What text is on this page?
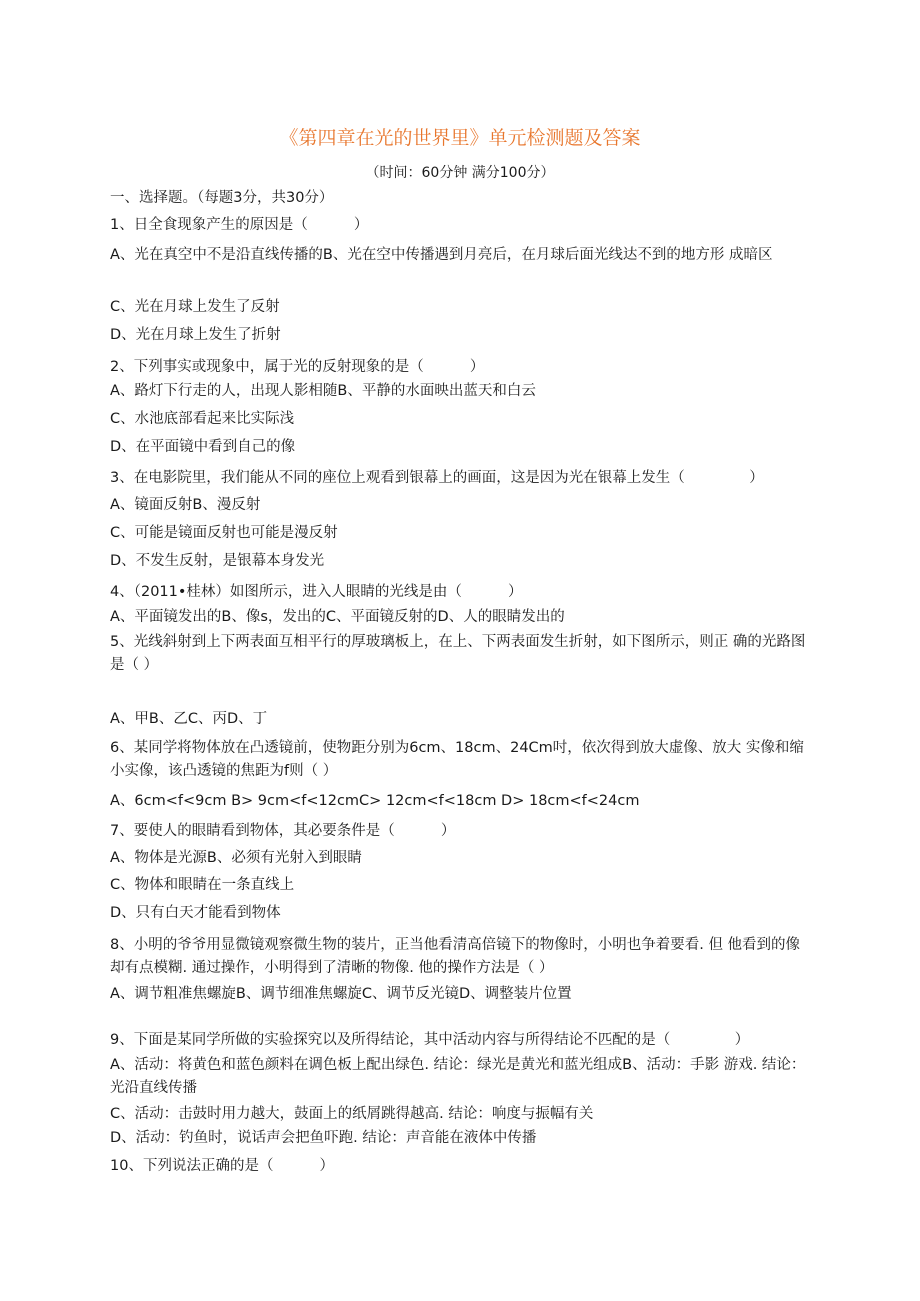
《第四章在光的世界里》单元检测题及答案
（时间：60分钟 满分100分）
一、选择题。（每题3分，共30分）
1、日全食现象产生的原因是（          ）
A、光在真空中不是沿直线传播的B、光在空中传播遇到月亮后，在月球后面光线达不到的地方形 成暗区
C、光在月球上发生了反射
D、光在月球上发生了折射
2、下列事实或现象中，属于光的反射现象的是（          ）
A、路灯下行走的人，出现人影相随B、平静的水面映出蓝天和白云
C、水池底部看起来比实际浅
D、在平面镜中看到自己的像
3、在电影院里，我们能从不同的座位上观看到银幕上的画面，这是因为光在银幕上发生（              ）
A、镜面反射B、漫反射
C、可能是镜面反射也可能是漫反射
D、不发生反射，是银幕本身发光
4、（2011•桂林）如图所示，进入人眼睛的光线是由（          ）
A、平面镜发出的B、像s，发出的C、平面镜反射的D、人的眼睛发出的
5、光线斜射到上下两表面互相平行的厚玻璃板上，在上、下两表面发生折射，如下图所示，则正 确的光路图是（ ）
A、甲B、乙C、丙D、丁
6、某同学将物体放在凸透镜前，使物距分别为6cm、18cm、24Cm吋，依次得到放大虚像、放大 实像和缩小实像，该凸透镜的焦距为f则（ ）
A、6cm<f<9cm B> 9cm<f<12cmC> 12cm<f<18cm D> 18cm<f<24cm
7、要使人的眼睛看到物体，其必要条件是（          ）
A、物体是光源B、必须有光射入到眼睛
C、物体和眼睛在一条直线上
D、只有白天才能看到物体
8、小明的爷爷用显微镜观察微生物的装片，正当他看清高倍镜下的物像时，小明也争着要看. 但 他看到的像却有点模糊. 通过操作，小明得到了清晰的物像. 他的操作方法是（ ）
A、调节粗准焦螺旋B、调节细准焦螺旋C、调节反光镜D、调整装片位置
9、下面是某同学所做的实验探究以及所得结论，其中活动内容与所得结论不匹配的是（              ）
A、活动：将黄色和蓝色颜料在调色板上配出绿色. 结论：绿光是黄光和蓝光组成B、活动：手影 游戏. 结论：光沿直线传播
C、活动：击鼓时用力越大，鼓面上的纸屑跳得越高. 结论：响度与振幅有关
D、活动：钓鱼时，说话声会把鱼吓跑. 结论：声音能在液体中传播
10、下列说法正确的是（          ）
